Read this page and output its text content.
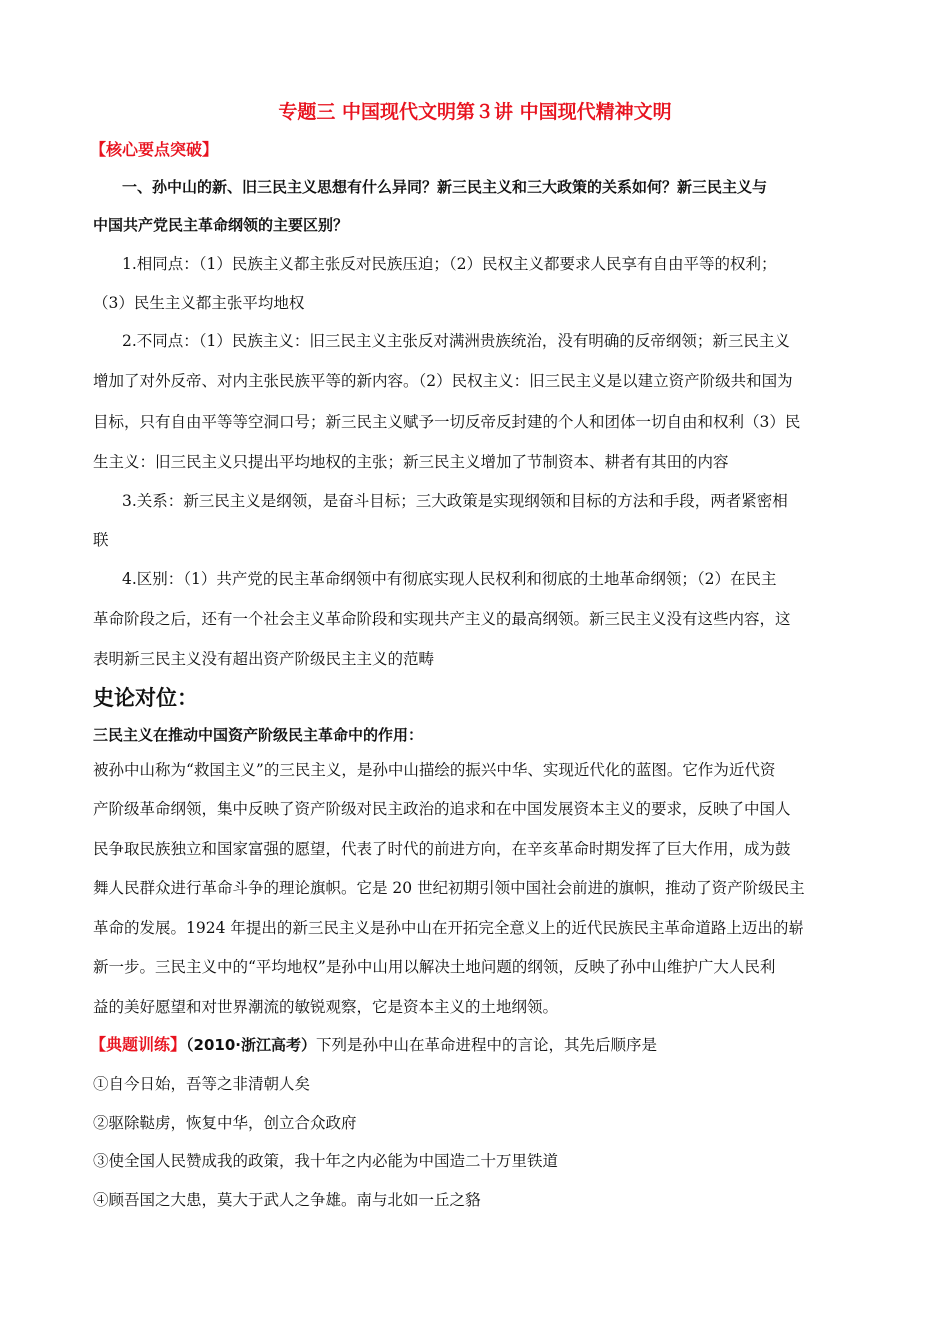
专题三 中国现代文明第３讲 中国现代精神文明
【核心要点突破】
一、孙中山的新、旧三民主义思想有什么异同？新三民主义和三大政策的关系如何？新三民主义与
中国共产党民主革命纲领的主要区别？
1.相同点：（1）民族主义都主张反对民族压迫；（2）民权主义都要求人民享有自由平等的权利；
（3）民生主义都主张平均地权
2.不同点：（1）民族主义：旧三民主义主张反对满洲贵族统治，没有明确的反帝纲领；新三民主义
增加了对外反帝、对内主张民族平等的新内容。（2）民权主义：旧三民主义是以建立资产阶级共和国为
目标，只有自由平等等空洞口号；新三民主义赋予一切反帝反封建的个人和团体一切自由和权利（3）民
生主义：旧三民主义只提出平均地权的主张；新三民主义增加了节制资本、耕者有其田的内容
3.关系：新三民主义是纲领，是奋斗目标；三大政策是实现纲领和目标的方法和手段，两者紧密相
联
4.区别：（1）共产党的民主革命纲领中有彻底实现人民权利和彻底的土地革命纲领；（2）在民主
革命阶段之后，还有一个社会主义革命阶段和实现共产主义的最高纲领。新三民主义没有这些内容，这
表明新三民主义没有超出资产阶级民主主义的范畴
史论对位：
三民主义在推动中国资产阶级民主革命中的作用：
被孙中山称为“救国主义”的三民主义，是孙中山描绘的振兴中华、实现近代化的蓝图。它作为近代资
产阶级革命纲领，集中反映了资产阶级对民主政治的追求和在中国发展资本主义的要求，反映了中国人
民争取民族独立和国家富强的愿望，代表了时代的前进方向，在辛亥革命时期发挥了巨大作用，成为鼓
舞人民群众进行革命斗争的理论旗帜。它是 20 世纪初期引领中国社会前进的旗帜，推动了资产阶级民主
革命的发展。1924 年提出的新三民主义是孙中山在开拓完全意义上的近代民族民主革命道路上迈出的崭
新一步。三民主义中的“平均地权”是孙中山用以解决土地问题的纲领，反映了孙中山维护广大人民利
益的美好愿望和对世界潮流的敏锐观察，它是资本主义的土地纲领。
【典题训练】（2010·浙江高考）下列是孙中山在革命进程中的言论，其先后顺序是
①自今日始，吾等之非清朝人矣
②驱除鞑虏，恢复中华，创立合众政府
③使全国人民赞成我的政策，我十年之内必能为中国造二十万里铁道
④顾吾国之大患，莫大于武人之争雄。南与北如一丘之貉
